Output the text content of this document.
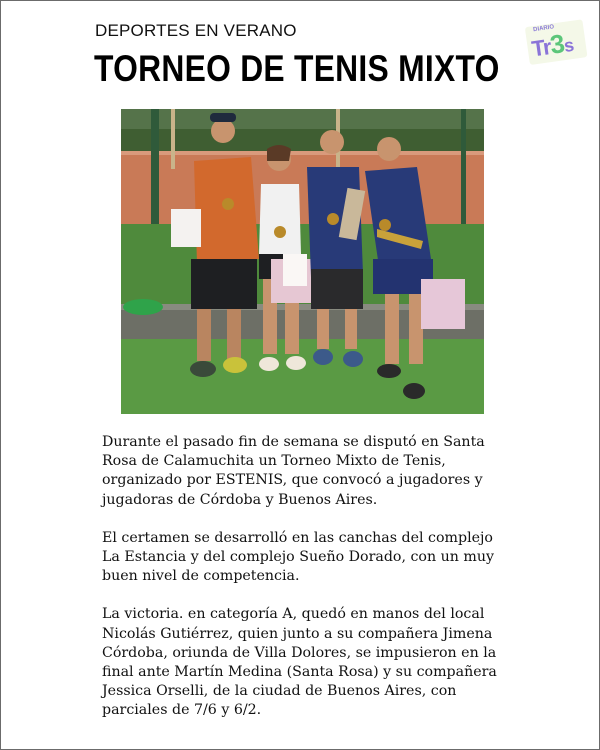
DEPORTES EN VERANO
TORNEO DE TENIS MIXTO
DIARIO
Tr3s

Durante el pasado fin de semana se disputó en Santa Rosa de Calamuchita un Torneo Mixto de Tenis, organizado por ESTENIS, que convocó a jugadores y jugadoras de Córdoba y Buenos Aires.

El certamen se desarrolló en las canchas del complejo La Estancia y del complejo Sueño Dorado, con un muy buen nivel de competencia.

La victoria. en categoría A, quedó en manos del local Nicolás Gutiérrez, quien junto a su compañera Jimena Córdoba, oriunda de Villa Dolores, se impusieron en la final ante Martín Medina (Santa Rosa) y su compañera Jessica Orselli, de la ciudad de Buenos Aires, con parciales de 7/6 y 6/2.
